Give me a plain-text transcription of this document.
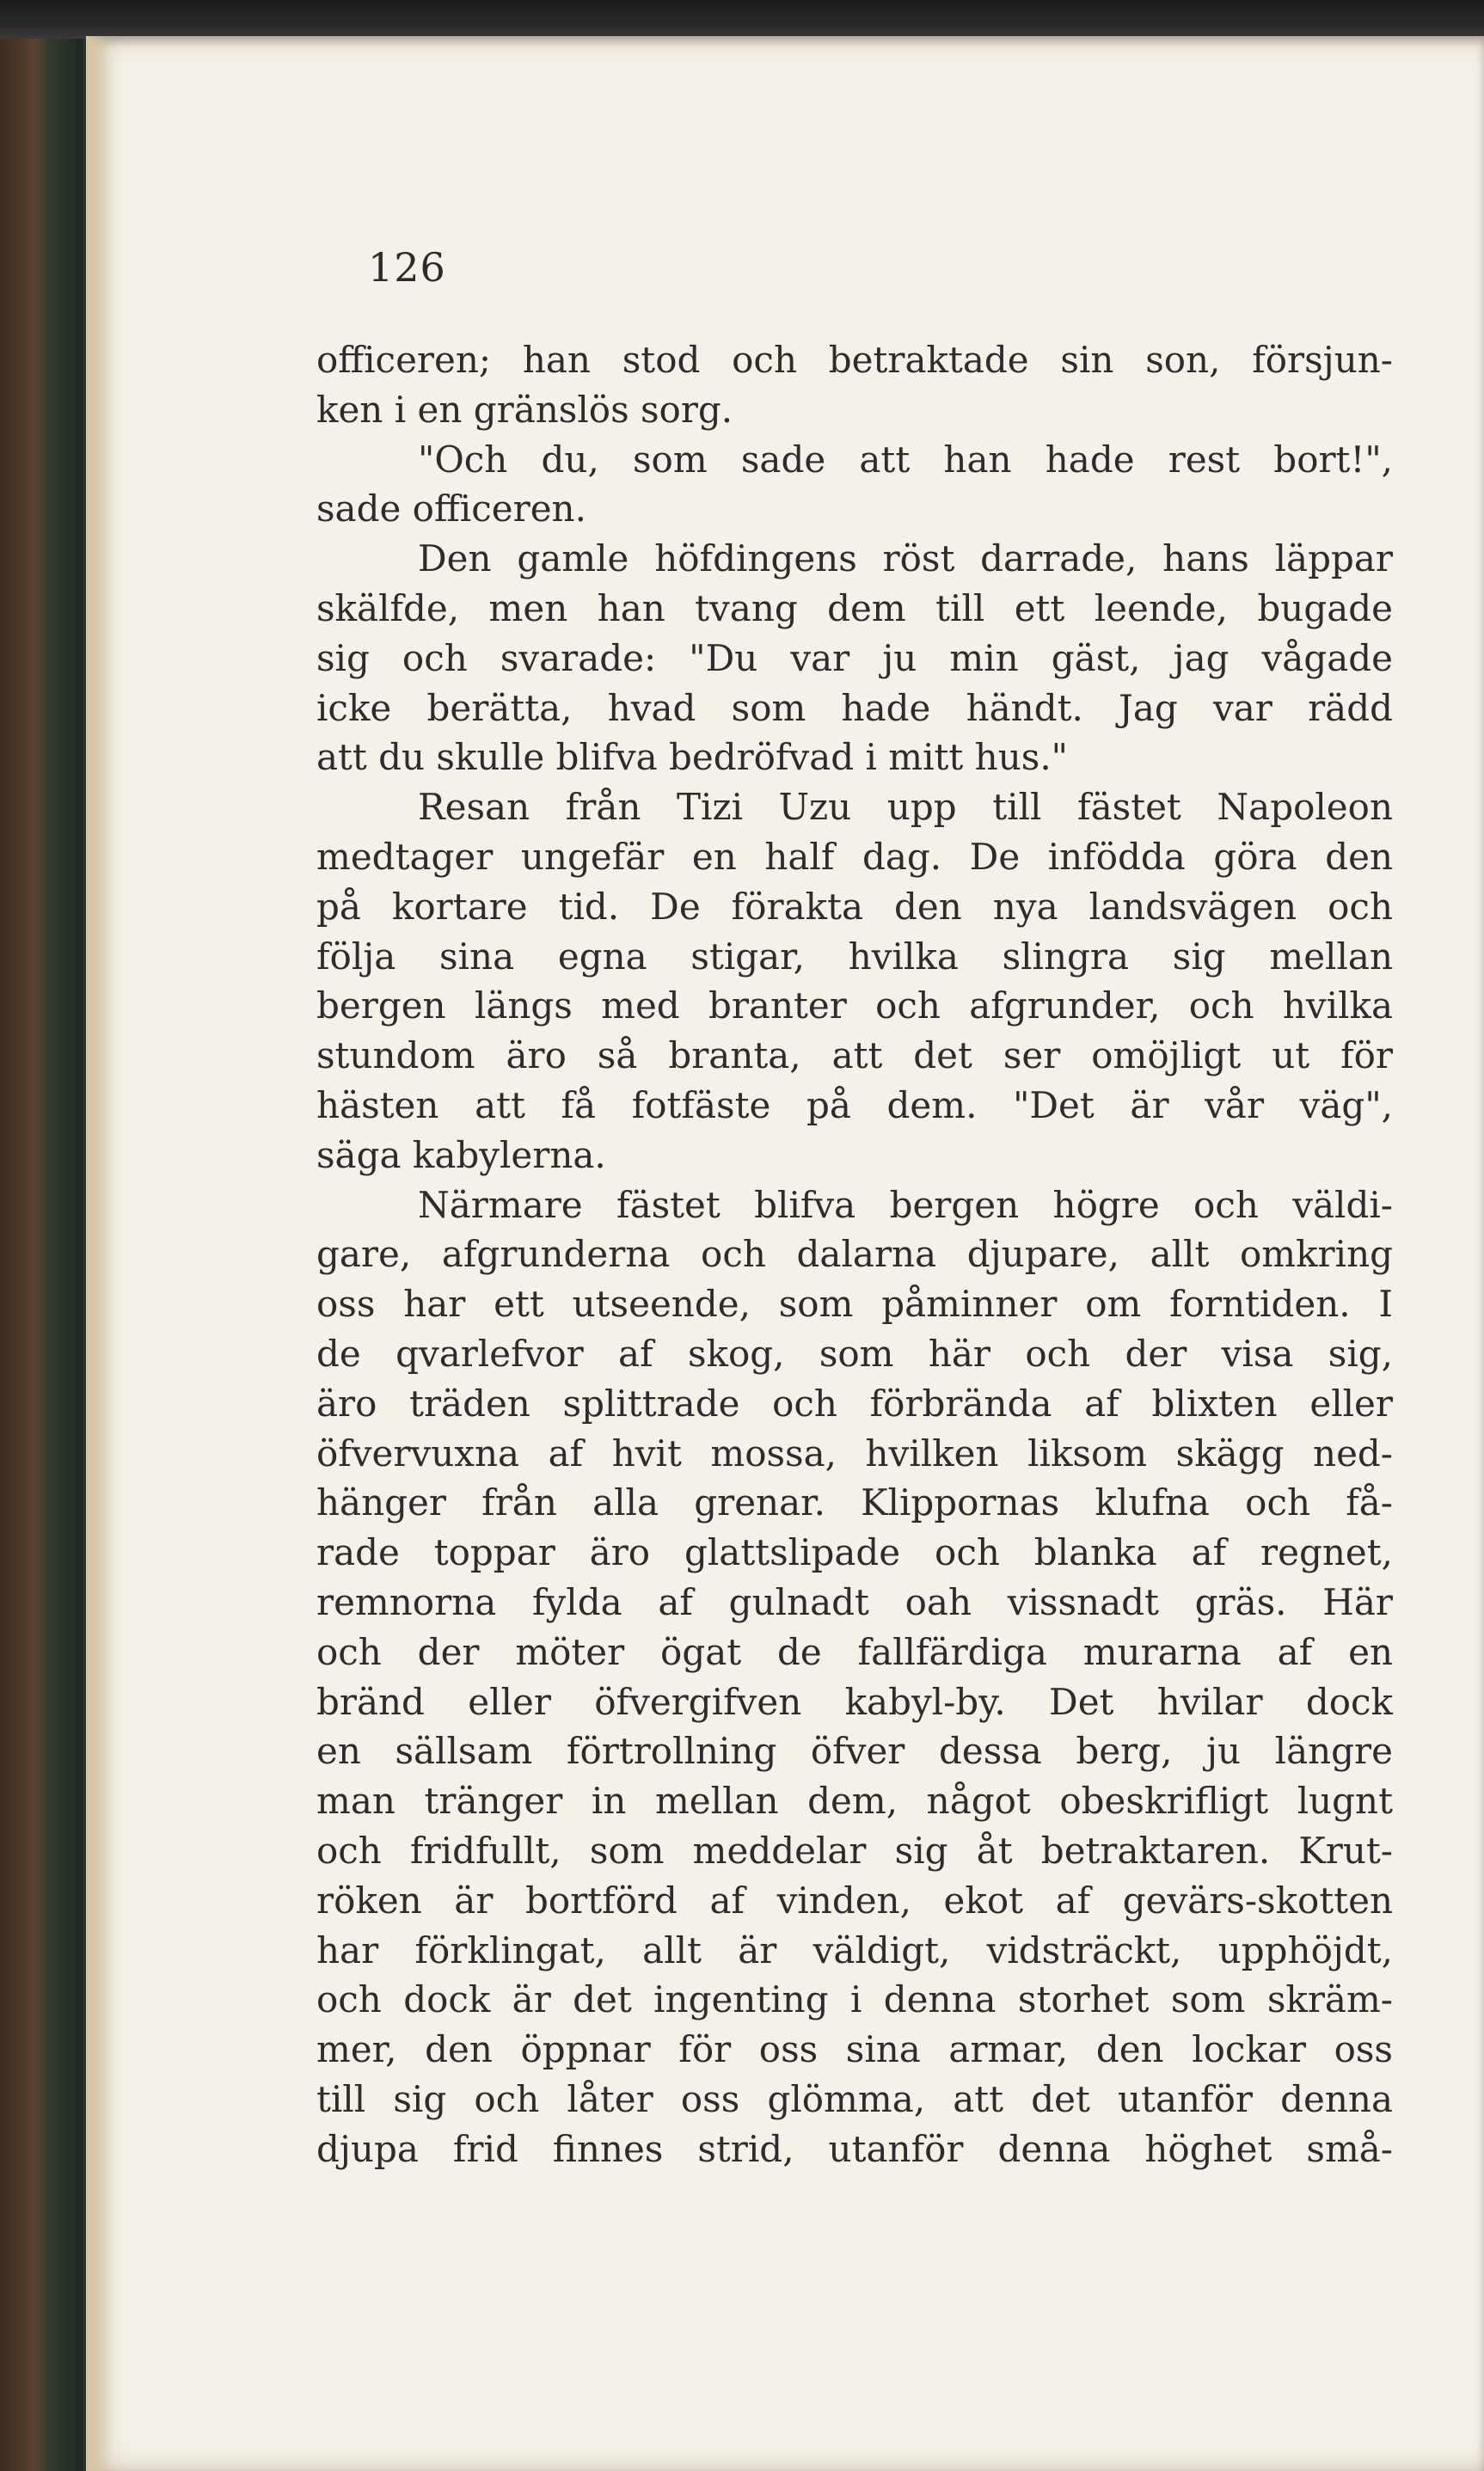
126
officeren; han stod och betraktade sin son, försjun-
ken i en gränslös sorg.
"Och du, som sade att han hade rest bort!",
sade officeren.
Den gamle höfdingens röst darrade, hans läppar
skälfde, men han tvang dem till ett leende, bugade
sig och svarade: "Du var ju min gäst, jag vågade
icke berätta, hvad som hade händt. Jag var rädd
att du skulle blifva bedröfvad i mitt hus."
Resan från Tizi Uzu upp till fästet Napoleon
medtager ungefär en half dag. De infödda göra den
på kortare tid. De förakta den nya landsvägen och
följa sina egna stigar, hvilka slingra sig mellan
bergen längs med branter och afgrunder, och hvilka
stundom äro så branta, att det ser omöjligt ut för
hästen att få fotfäste på dem. "Det är vår väg",
säga kabylerna.
Närmare fästet blifva bergen högre och väldi-
gare, afgrunderna och dalarna djupare, allt omkring
oss har ett utseende, som påminner om forntiden. I
de qvarlefvor af skog, som här och der visa sig,
äro träden splittrade och förbrända af blixten eller
öfvervuxna af hvit mossa, hvilken liksom skägg ned-
hänger från alla grenar. Klippornas klufna och få-
rade toppar äro glattslipade och blanka af regnet,
remnorna fylda af gulnadt oah vissnadt gräs. Här
och der möter ögat de fallfärdiga murarna af en
bränd eller öfvergifven kabyl-by. Det hvilar dock
en sällsam förtrollning öfver dessa berg, ju längre
man tränger in mellan dem, något obeskrifligt lugnt
och fridfullt, som meddelar sig åt betraktaren. Krut-
röken är bortförd af vinden, ekot af gevärs-skotten
har förklingat, allt är väldigt, vidsträckt, upphöjdt,
och dock är det ingenting i denna storhet som skräm-
mer, den öppnar för oss sina armar, den lockar oss
till sig och låter oss glömma, att det utanför denna
djupa frid finnes strid, utanför denna höghet små-
